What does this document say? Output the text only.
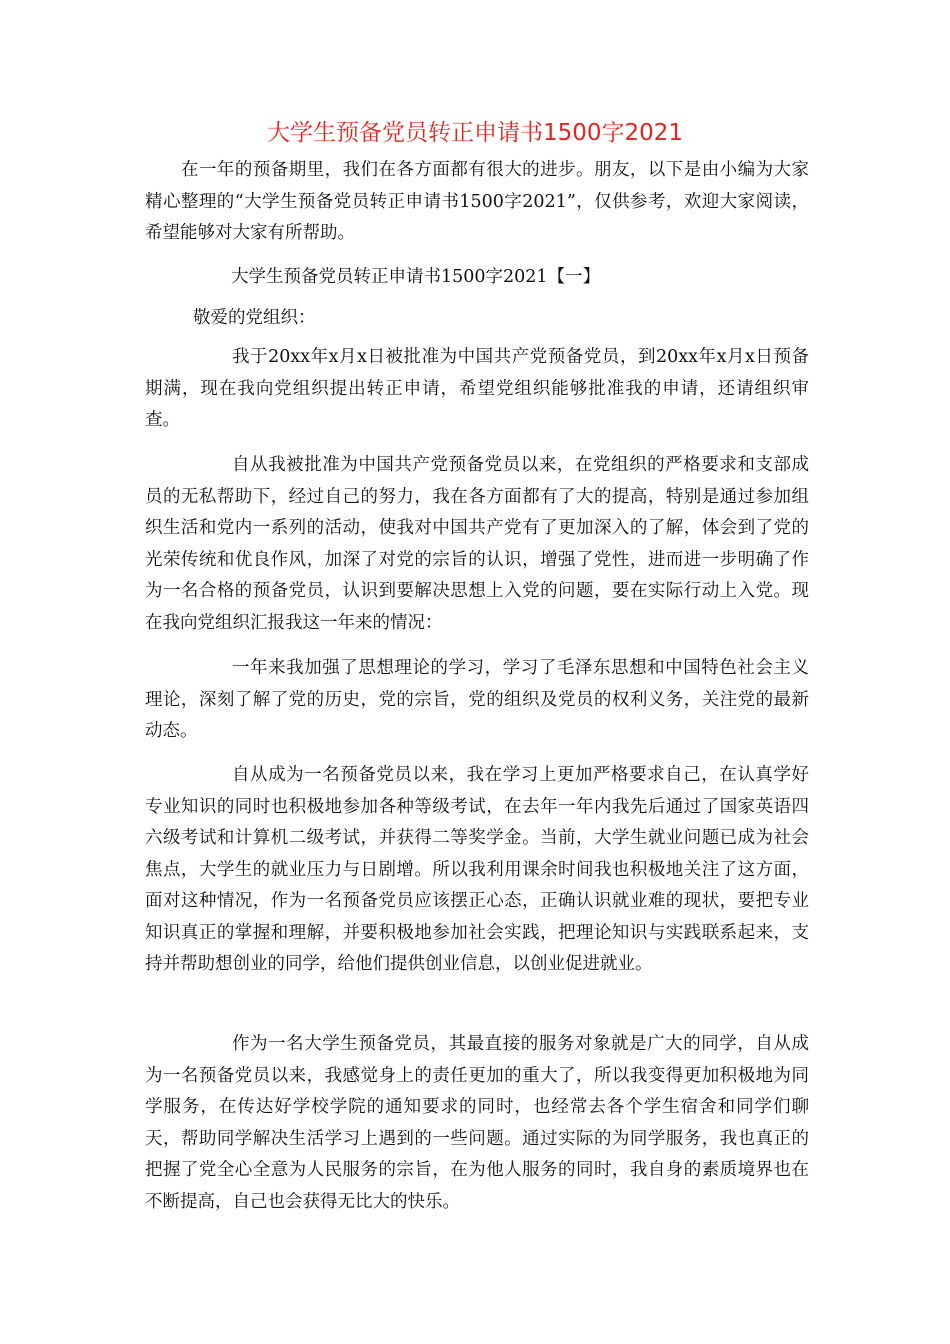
大学生预备党员转正申请书1500字2021

在一年的预备期里，我们在各方面都有很大的进步。朋友，以下是由小编为大家精心整理的“大学生预备党员转正申请书1500字2021”，仅供参考，欢迎大家阅读，希望能够对大家有所帮助。

大学生预备党员转正申请书1500字2021【一】

敬爱的党组织：

我于20xx年x月x日被批准为中国共产党预备党员，到20xx年x月x日预备期满，现在我向党组织提出转正申请，希望党组织能够批准我的申请，还请组织审查。

自从我被批准为中国共产党预备党员以来，在党组织的严格要求和支部成员的无私帮助下，经过自己的努力，我在各方面都有了大的提高，特别是通过参加组织生活和党内一系列的活动，使我对中国共产党有了更加深入的了解，体会到了党的光荣传统和优良作风，加深了对党的宗旨的认识，增强了党性，进而进一步明确了作为一名合格的预备党员，认识到要解决思想上入党的问题，要在实际行动上入党。现在我向党组织汇报我这一年来的情况：

一年来我加强了思想理论的学习，学习了毛泽东思想和中国特色社会主义理论，深刻了解了党的历史，党的宗旨，党的组织及党员的权利义务，关注党的最新动态。

自从成为一名预备党员以来，我在学习上更加严格要求自己，在认真学好专业知识的同时也积极地参加各种等级考试，在去年一年内我先后通过了国家英语四六级考试和计算机二级考试，并获得二等奖学金。当前，大学生就业问题已成为社会焦点，大学生的就业压力与日剧增。所以我利用课余时间我也积极地关注了这方面，面对这种情况，作为一名预备党员应该摆正心态，正确认识就业难的现状，要把专业知识真正的掌握和理解，并要积极地参加社会实践，把理论知识与实践联系起来，支持并帮助想创业的同学，给他们提供创业信息，以创业促进就业。

作为一名大学生预备党员，其最直接的服务对象就是广大的同学，自从成为一名预备党员以来，我感觉身上的责任更加的重大了，所以我变得更加积极地为同学服务，在传达好学校学院的通知要求的同时，也经常去各个学生宿舍和同学们聊天，帮助同学解决生活学习上遇到的一些问题。通过实际的为同学服务，我也真正的把握了党全心全意为人民服务的宗旨，在为他人服务的同时，我自身的素质境界也在不断提高，自己也会获得无比大的快乐。
